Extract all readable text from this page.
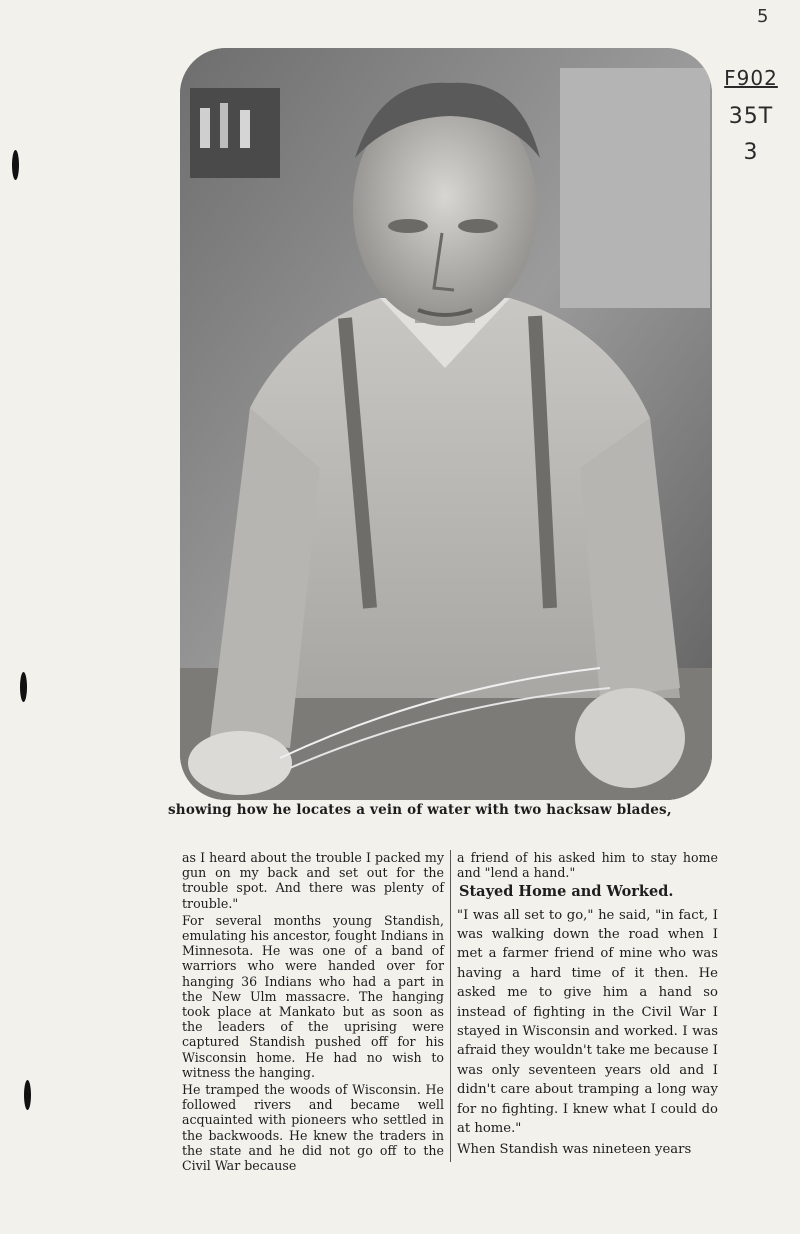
5
F902
35T
3
showing how he locates a vein of water with two hacksaw blades,

as I heard about the trouble I packed my gun on my back and set out for the trouble spot. And there was plenty of trouble."

For several months young Standish, emulating his ancestor, fought Indians in Minnesota. He was one of a band of warriors who were handed over for hanging 36 Indians who had a part in the New Ulm massacre. The hanging took place at Mankato but as soon as the leaders of the uprising were captured Standish pushed off for his Wisconsin home. He had no wish to witness the hanging.

He tramped the woods of Wisconsin. He followed rivers and became well acquainted with pioneers who settled in the backwoods. He knew the traders in the state and he did not go off to the Civil War because

a friend of his asked him to stay home and "lend a hand."

Stayed Home and Worked.

"I was all set to go," he said, "in fact, I was walking down the road when I met a farmer friend of mine who was having a hard time of it then. He asked me to give him a hand so instead of fighting in the Civil War I stayed in Wisconsin and worked. I was afraid they wouldn't take me because I was only seventeen years old and I didn't care about tramping a long way for no fighting. I knew what I could do at home."

When Standish was nineteen years
